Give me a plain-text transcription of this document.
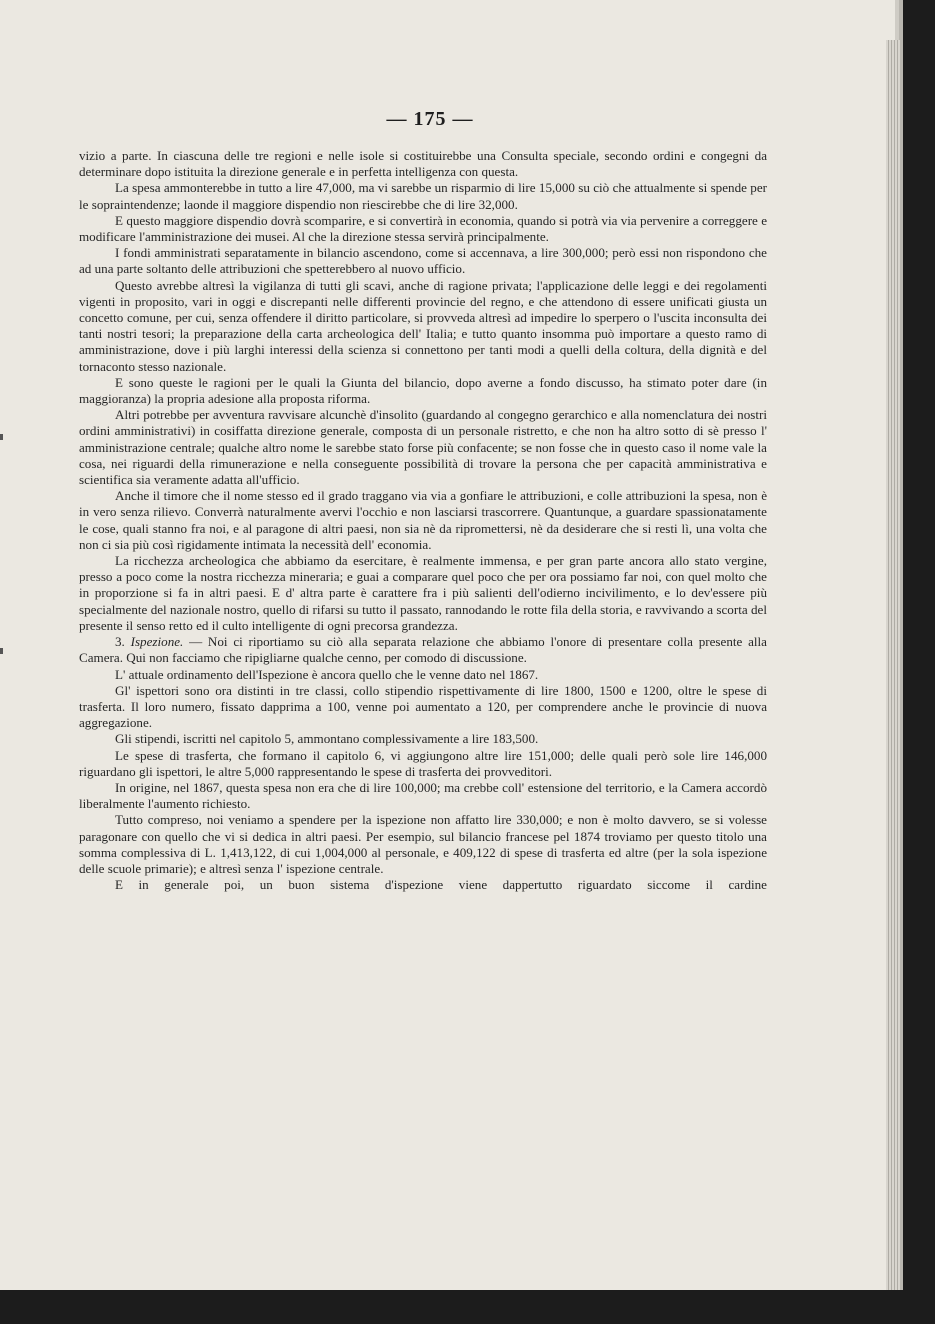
— 175 —

vizio a parte. In ciascuna delle tre regioni e nelle isole si costituirebbe una Consulta speciale, secondo ordini e congegni da determinare dopo istituita la direzione generale e in perfetta intelligenza con questa.

La spesa ammonterebbe in tutto a lire 47,000, ma vi sarebbe un risparmio di lire 15,000 su ciò che attualmente si spende per le sopraintendenze; laonde il maggiore dispendio non riescirebbe che di lire 32,000.

E questo maggiore dispendio dovrà scomparire, e si convertirà in economia, quando si potrà via via pervenire a correggere e modificare l'amministrazione dei musei. Al che la direzione stessa servirà principalmente.

I fondi amministrati separatamente in bilancio ascendono, come si accennava, a lire 300,000; però essi non rispondono che ad una parte soltanto delle attribuzioni che spetterebbero al nuovo ufficio.

Questo avrebbe altresì la vigilanza di tutti gli scavi, anche di ragione privata; l'applicazione delle leggi e dei regolamenti vigenti in proposito, vari in oggi e discrepanti nelle differenti provincie del regno, e che attendono di essere unificati giusta un concetto comune, per cui, senza offendere il diritto particolare, si provveda altresì ad impedire lo sperpero o l'uscita inconsulta dei tanti nostri tesori; la preparazione della carta archeologica dell' Italia; e tutto quanto insomma può importare a questo ramo di amministrazione, dove i più larghi interessi della scienza si connettono per tanti modi a quelli della coltura, della dignità e del tornaconto stesso nazionale.

E sono queste le ragioni per le quali la Giunta del bilancio, dopo averne a fondo discusso, ha stimato poter dare (in maggioranza) la propria adesione alla proposta riforma.

Altri potrebbe per avventura ravvisare alcunchè d'insolito (guardando al congegno gerarchico e alla nomenclatura dei nostri ordini amministrativi) in cosiffatta direzione generale, composta di un personale ristretto, e che non ha altro sotto di sè presso l' amministrazione centrale; qualche altro nome le sarebbe stato forse più confacente; se non fosse che in questo caso il nome vale la cosa, nei riguardi della rimunerazione e nella conseguente possibilità di trovare la persona che per capacità amministrativa e scientifica sia veramente adatta all'ufficio.

Anche il timore che il nome stesso ed il grado traggano via via a gonfiare le attribuzioni, e colle attribuzioni la spesa, non è in vero senza rilievo. Converrà naturalmente avervi l'occhio e non lasciarsi trascorrere. Quantunque, a guardare spassionatamente le cose, quali stanno fra noi, e al paragone di altri paesi, non sia nè da ripromettersi, nè da desiderare che si resti lì, una volta che non ci sia più così rigidamente intimata la necessità dell' economia.

La ricchezza archeologica che abbiamo da esercitare, è realmente immensa, e per gran parte ancora allo stato vergine, presso a poco come la nostra ricchezza mineraria; e guai a comparare quel poco che per ora possiamo far noi, con quel molto che in proporzione si fa in altri paesi. E d' altra parte è carattere fra i più salienti dell'odierno incivilimento, e lo dev'essere più specialmente del nazionale nostro, quello di rifarsi su tutto il passato, rannodando le rotte fila della storia, e ravvivando a scorta del presente il senso retto ed il culto intelligente di ogni precorsa grandezza.

3. Ispezione. — Noi ci riportiamo su ciò alla separata relazione che abbiamo l'onore di presentare colla presente alla Camera. Qui non facciamo che ripigliarne qualche cenno, per comodo di discussione.

L' attuale ordinamento dell'Ispezione è ancora quello che le venne dato nel 1867.

Gl' ispettori sono ora distinti in tre classi, collo stipendio rispettivamente di lire 1800, 1500 e 1200, oltre le spese di trasferta. Il loro numero, fissato dapprima a 100, venne poi aumentato a 120, per comprendere anche le provincie di nuova aggregazione.

Gli stipendi, iscritti nel capitolo 5, ammontano complessivamente a lire 183,500.

Le spese di trasferta, che formano il capitolo 6, vi aggiungono altre lire 151,000; delle quali però sole lire 146,000 riguardano gli ispettori, le altre 5,000 rappresentando le spese di trasferta dei provveditori.

In origine, nel 1867, questa spesa non era che di lire 100,000; ma crebbe coll' estensione del territorio, e la Camera accordò liberalmente l'aumento richiesto.

Tutto compreso, noi veniamo a spendere per la ispezione non affatto lire 330,000; e non è molto davvero, se si volesse paragonare con quello che vi si dedica in altri paesi. Per esempio, sul bilancio francese pel 1874 troviamo per questo titolo una somma complessiva di L. 1,413,122, di cui 1,004,000 al personale, e 409,122 di spese di trasferta ed altre (per la sola ispezione delle scuole primarie); e altresì senza l' ispezione centrale.

E in generale poi, un buon sistema d'ispezione viene dappertutto riguardato siccome il cardine
